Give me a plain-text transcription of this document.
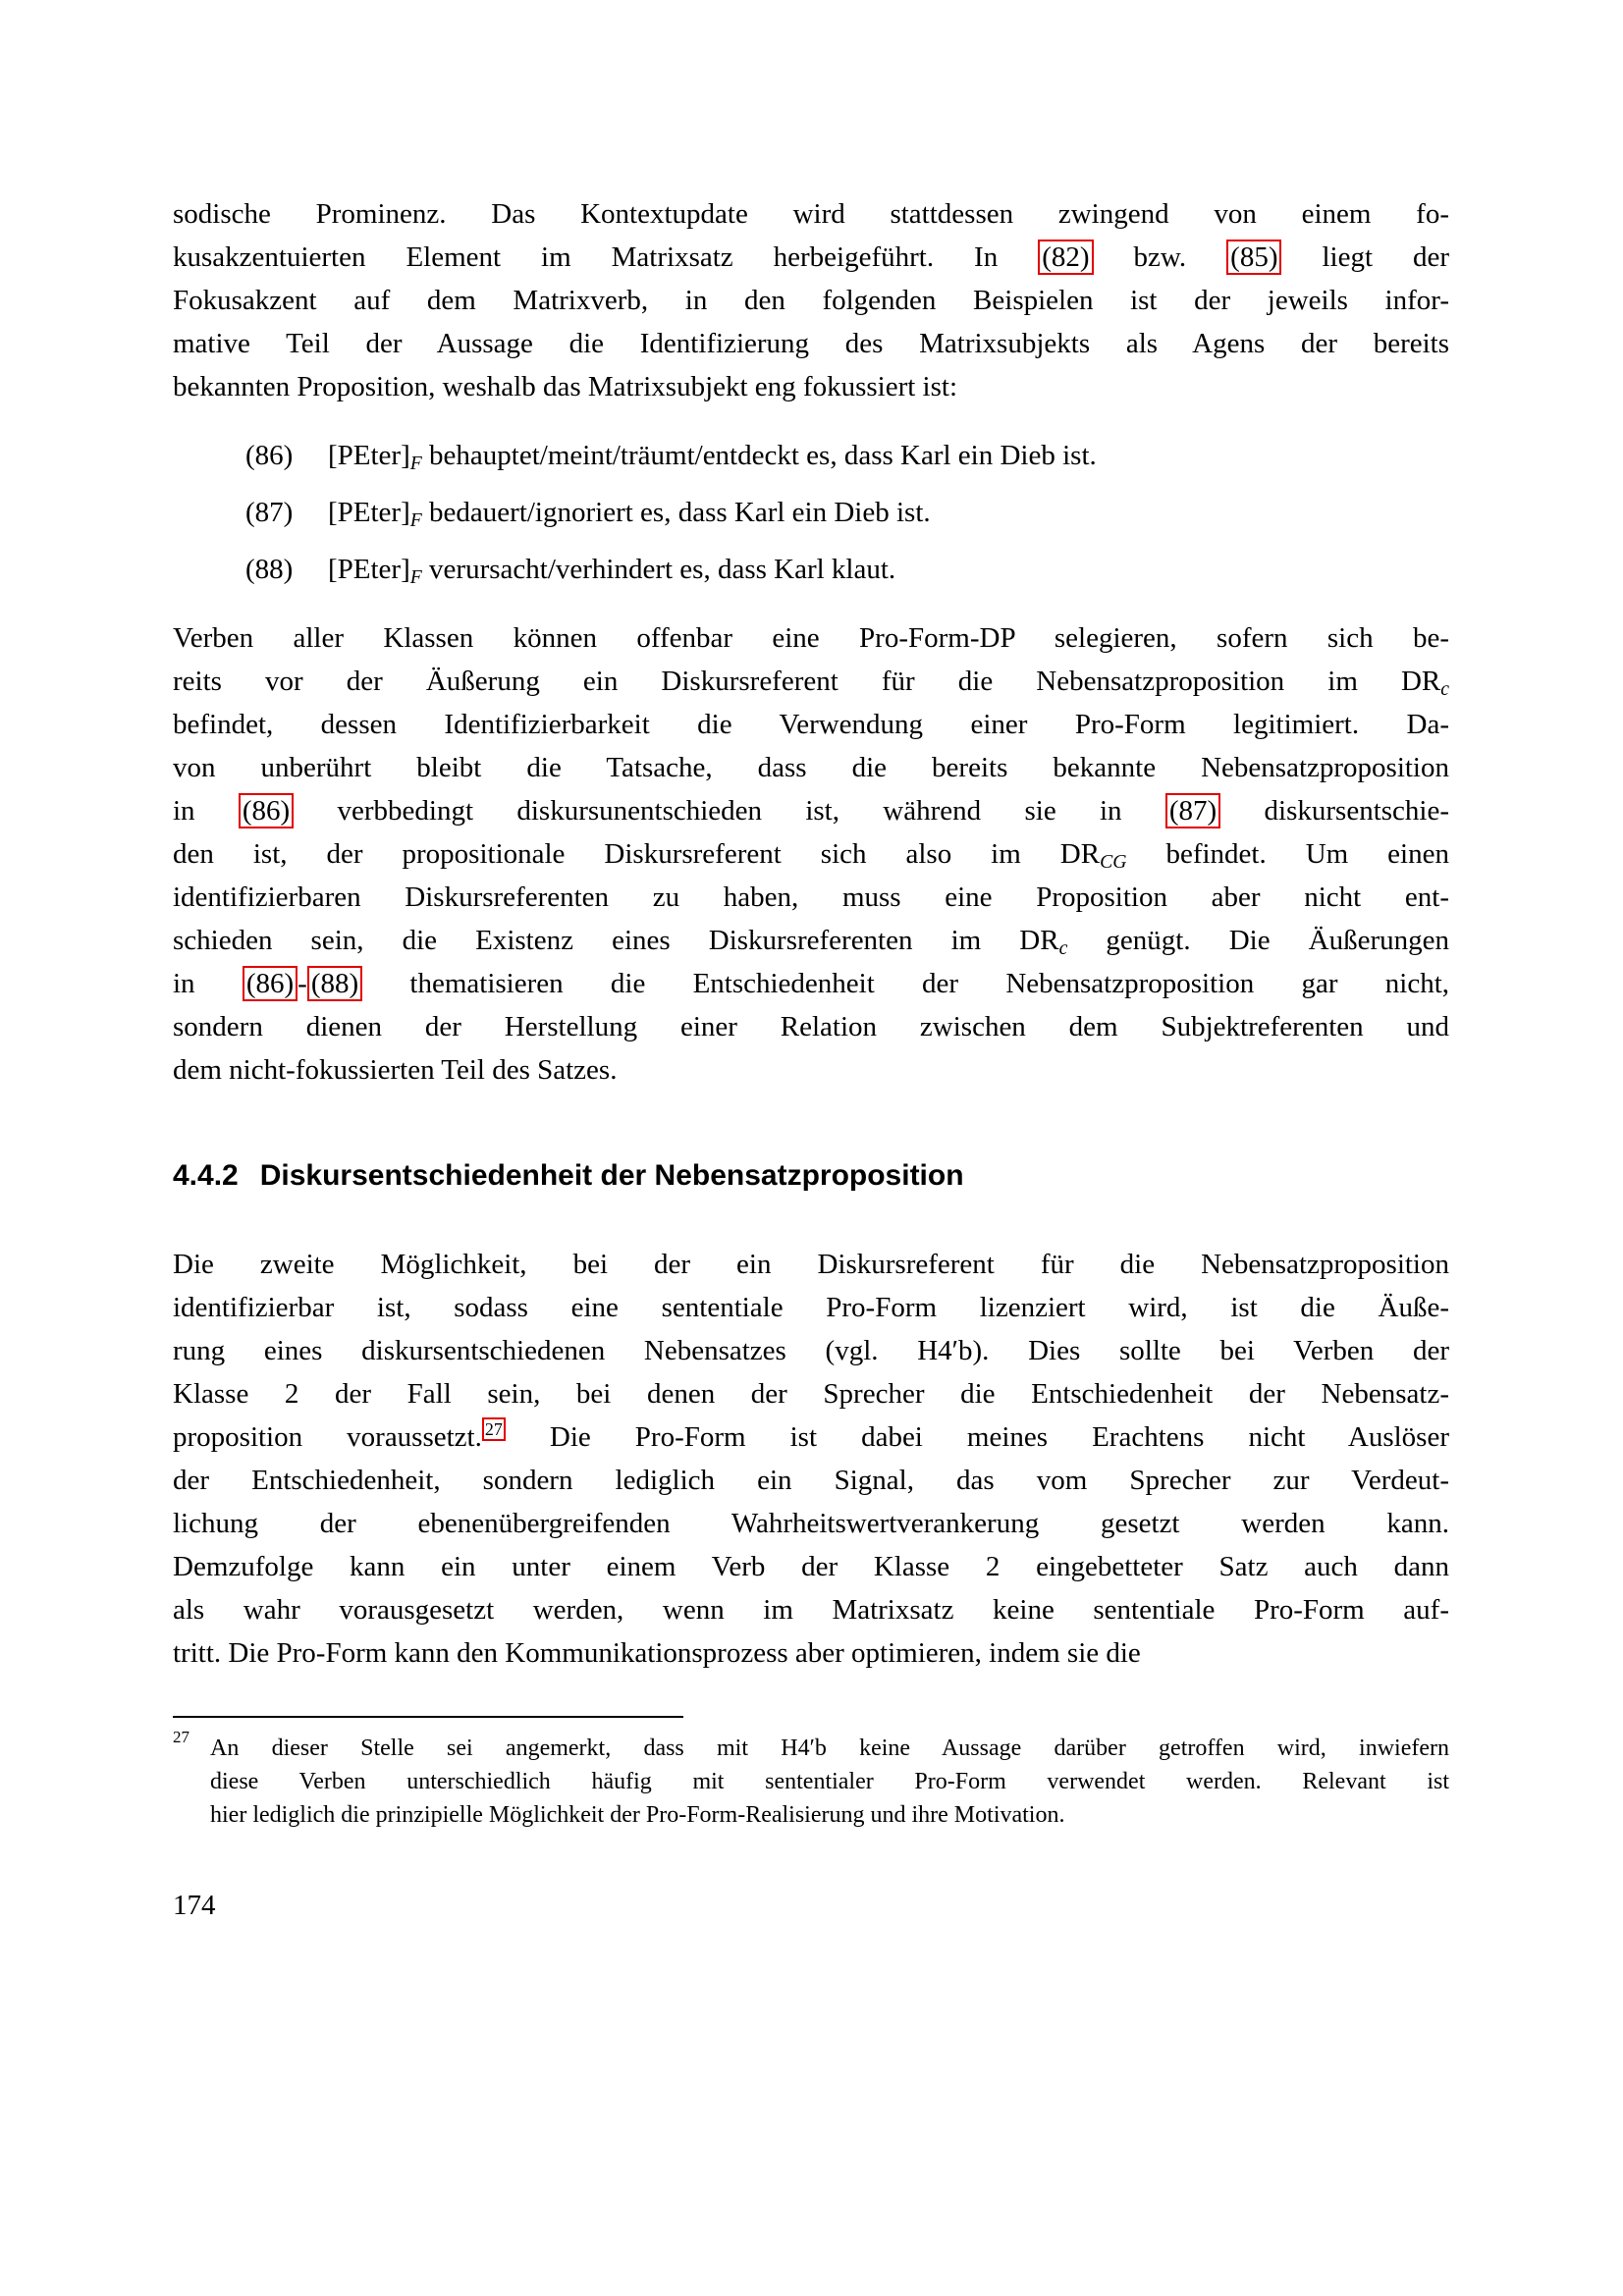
sodische Prominenz. Das Kontextupdate wird stattdessen zwingend von einem fo-
kusakzentuierten Element im Matrixsatz herbeigeführt. In (82) bzw. (85) liegt der
Fokusakzent auf dem Matrixverb, in den folgenden Beispielen ist der jeweils infor-
mative Teil der Aussage die Identifizierung des Matrixsubjekts als Agens der bereits
bekannten Proposition, weshalb das Matrixsubjekt eng fokussiert ist:
(86) $[PEter]_F$ behauptet/meint/träumt/entdeckt es, dass Karl ein Dieb ist.
(87) $[PEter]_F$ bedauert/ignoriert es, dass Karl ein Dieb ist.
(88) $[PEter]_F$ verursacht/verhindert es, dass Karl klaut.
Verben aller Klassen können offenbar eine Pro-Form-DP selegieren, sofern sich be-
reits vor der Äußerung ein Diskursreferent für die Nebensatzproposition im $DR_c$
befindet, dessen Identifizierbarkeit die Verwendung einer Pro-Form legitimiert. Da-
von unberührt bleibt die Tatsache, dass die bereits bekannte Nebensatzproposition
in (86) verbbedingt diskursunentschieden ist, während sie in (87) diskursentschie-
den ist, der propositionale Diskursreferent sich also im $DR_{CG}$ befindet. Um einen
identifizierbaren Diskursreferenten zu haben, muss eine Proposition aber nicht ent-
schieden sein, die Existenz eines Diskursreferenten im $DR_c$ genügt. Die Äußerungen
in (86) - (88) thematisieren die Entschiedenheit der Nebensatzproposition gar nicht,
sondern dienen der Herstellung einer Relation zwischen dem Subjektreferenten und
dem nicht-fokussierten Teil des Satzes.
4.4.2 Diskursentschiedenheit der Nebensatzproposition
Die zweite Möglichkeit, bei der ein Diskursreferent für die Nebensatzproposition
identifizierbar ist, sodass eine sententiale Pro-Form lizenziert wird, ist die Äuße-
rung eines diskursentschiedenen Nebensatzes (vgl. H4′b). Dies sollte bei Verben der
Klasse 2 der Fall sein, bei denen der Sprecher die Entschiedenheit der Nebensatz-
proposition voraussetzt. $^{27}$ Die Pro-Form ist dabei meines Erachtens nicht Auslöser
der Entschiedenheit, sondern lediglich ein Signal, das vom Sprecher zur Verdeut-
lichung der ebenenübergreifenden Wahrheitswertverankerung gesetzt werden kann.
Demzufolge kann ein unter einem Verb der Klasse 2 eingebetteter Satz auch dann
als wahr vorausgesetzt werden, wenn im Matrixsatz keine sententiale Pro-Form auf-
tritt. Die Pro-Form kann den Kommunikationsprozess aber optimieren, indem sie die
27 An dieser Stelle sei angemerkt, dass mit H4′b keine Aussage darüber getroffen wird, inwiefern
diese Verben unterschiedlich häufig mit sententialer Pro-Form verwendet werden. Relevant ist
hier lediglich die prinzipielle Möglichkeit der Pro-Form-Realisierung und ihre Motivation.
174
